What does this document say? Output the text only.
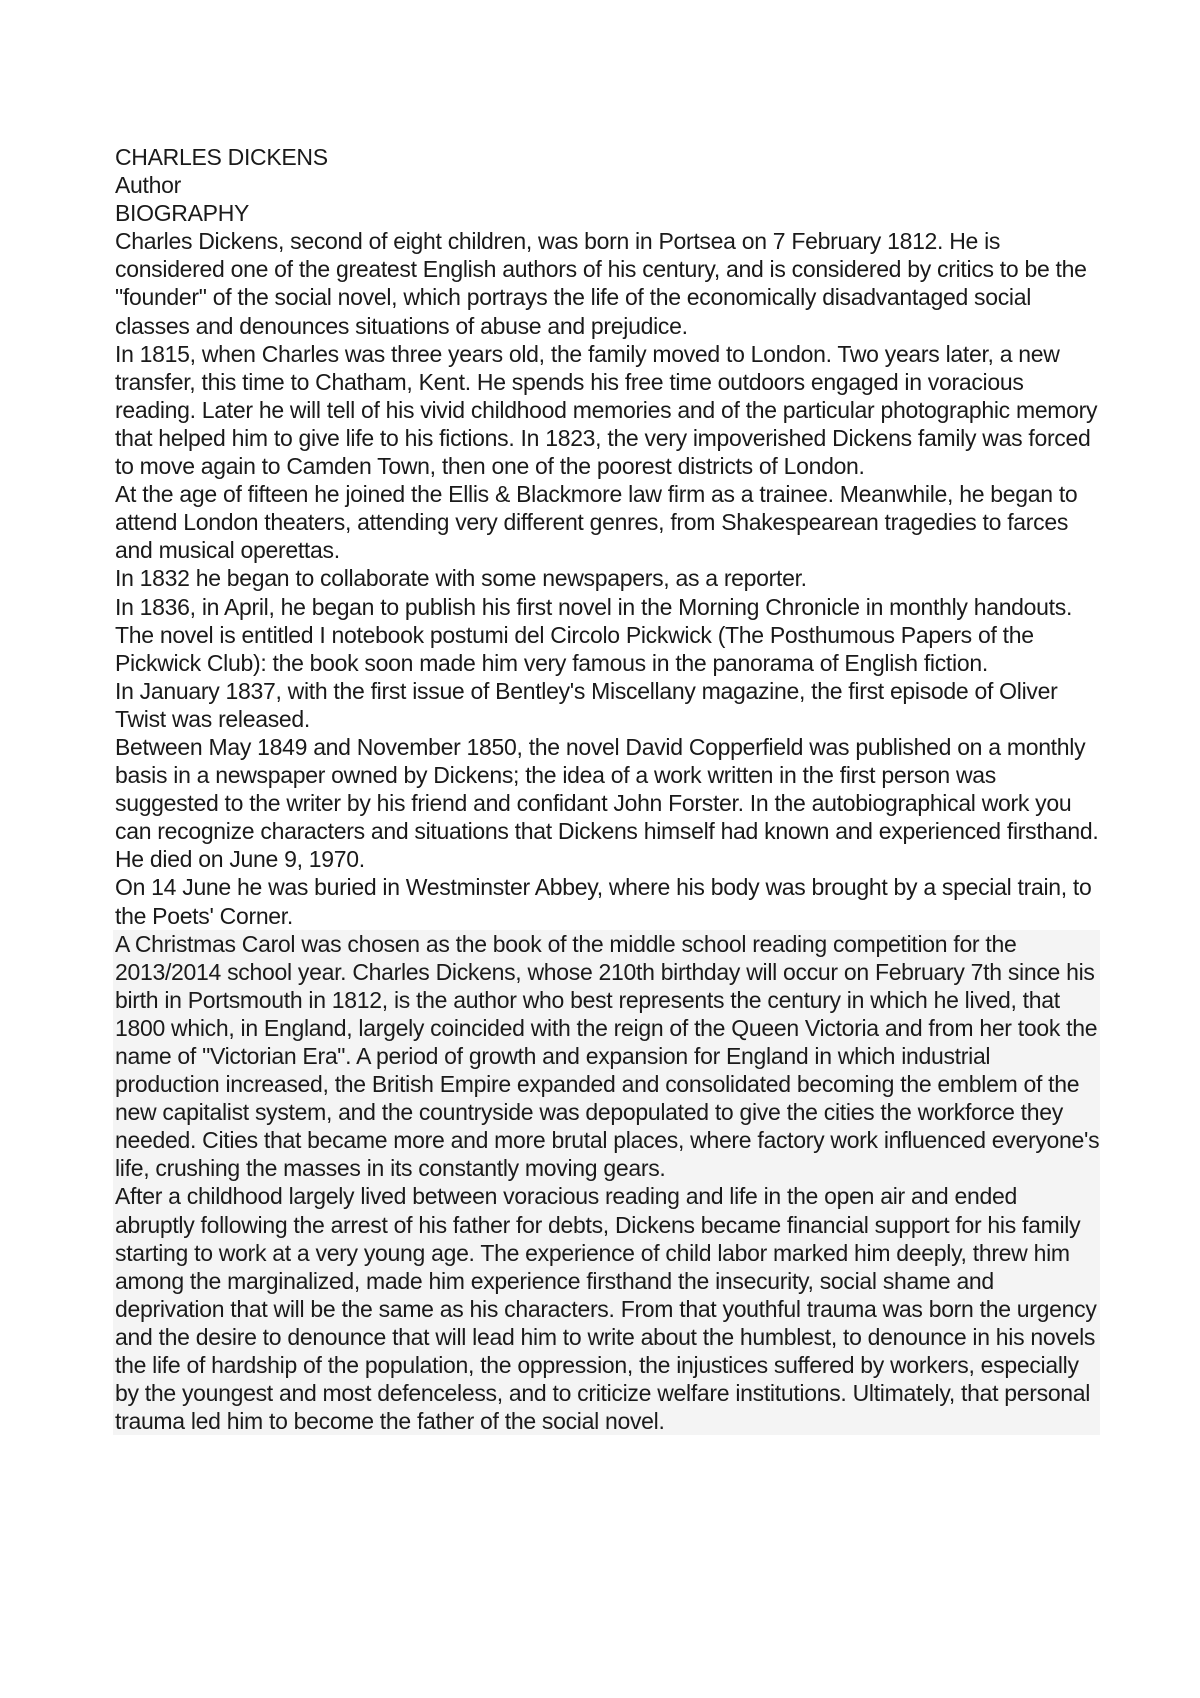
CHARLES DICKENS

Author

BIOGRAPHY

Charles Dickens, second of eight children, was born in Portsea on 7 February 1812. He is considered one of the greatest English authors of his century, and is considered by critics to be the "founder" of the social novel, which portrays the life of the economically disadvantaged social classes and denounces situations of abuse and prejudice.

In 1815, when Charles was three years old, the family moved to London. Two years later, a new transfer, this time to Chatham, Kent. He spends his free time outdoors engaged in voracious reading. Later he will tell of his vivid childhood memories and of the particular photographic memory that helped him to give life to his fictions. In 1823, the very impoverished Dickens family was forced to move again to Camden Town, then one of the poorest districts of London.

At the age of fifteen he joined the Ellis & Blackmore law firm as a trainee. Meanwhile, he began to attend London theaters, attending very different genres, from Shakespearean tragedies to farces and musical operettas.

In 1832 he began to collaborate with some newspapers, as a reporter.

In 1836, in April, he began to publish his first novel in the Morning Chronicle in monthly handouts. The novel is entitled I notebook postumi del Circolo Pickwick (The Posthumous Papers of the Pickwick Club): the book soon made him very famous in the panorama of English fiction.

In January 1837, with the first issue of Bentley's Miscellany magazine, the first episode of Oliver Twist was released.

Between May 1849 and November 1850, the novel David Copperfield was published on a monthly basis in a newspaper owned by Dickens; the idea of a work written in the first person was suggested to the writer by his friend and confidant John Forster. In the autobiographical work you can recognize characters and situations that Dickens himself had known and experienced firsthand.

He died on June 9, 1970.

On 14 June he was buried in Westminster Abbey, where his body was brought by a special train, to the Poets' Corner.

A Christmas Carol was chosen as the book of the middle school reading competition for the 2013/2014 school year. Charles Dickens, whose 210th birthday will occur on February 7th since his birth in Portsmouth in 1812, is the author who best represents the century in which he lived, that 1800 which, in England, largely coincided with the reign of the Queen Victoria and from her took the name of "Victorian Era". A period of growth and expansion for England in which industrial production increased, the British Empire expanded and consolidated becoming the emblem of the new capitalist system, and the countryside was depopulated to give the cities the workforce they needed. Cities that became more and more brutal places, where factory work influenced everyone's life, crushing the masses in its constantly moving gears.

After a childhood largely lived between voracious reading and life in the open air and ended abruptly following the arrest of his father for debts, Dickens became financial support for his family starting to work at a very young age. The experience of child labor marked him deeply, threw him among the marginalized, made him experience firsthand the insecurity, social shame and deprivation that will be the same as his characters. From that youthful trauma was born the urgency and the desire to denounce that will lead him to write about the humblest, to denounce in his novels the life of hardship of the population, the oppression, the injustices suffered by workers, especially by the youngest and most defenceless, and to criticize welfare institutions. Ultimately, that personal trauma led him to become the father of the social novel.
